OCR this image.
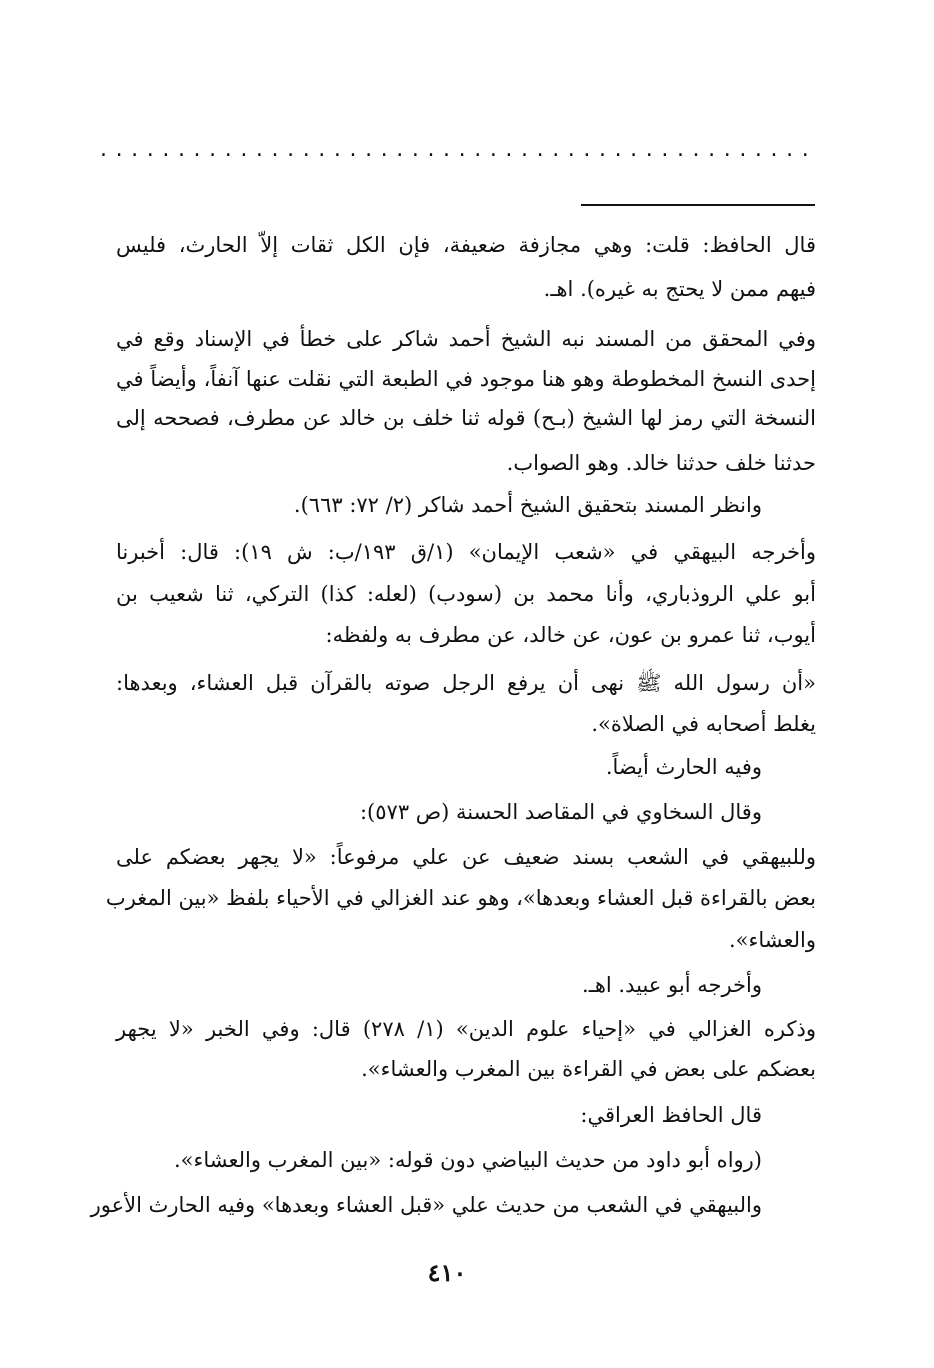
..............................................
قال الحافظ: قلت: وهي مجازفة ضعيفة، فإن الكل ثقات إلاّ الحارث، فليس
فيهم ممن لا يحتج به غيره). اهـ.
وفي المحقق من المسند نبه الشيخ أحمد شاكر على خطأ في الإسناد وقع في
إحدى النسخ المخطوطة وهو هنا موجود في الطبعة التي نقلت عنها آنفاً، وأيضاً في
النسخة التي رمز لها الشيخ (بـح) قوله ثنا خلف بن خالد عن مطرف، فصححه إلى
حدثنا خلف حدثنا خالد. وهو الصواب.
وانظر المسند بتحقيق الشيخ أحمد شاكر (٢/ ٧٢: ٦٦٣).
وأخرجه البيهقي في «شعب الإيمان» (١/ق ١٩٣/ب: ش ١٩): قال: أخبرنا
أبو علي الروذباري، وأنا محمد بن (سودب) (لعله: كذا) التركي، ثنا شعيب بن
أيوب، ثنا عمرو بن عون، عن خالد، عن مطرف به ولفظه:
«أن رسول الله ﷺ نهى أن يرفع الرجل صوته بالقرآن قبل العشاء، وبعدها:
يغلط أصحابه في الصلاة».
وفيه الحارث أيضاً.
وقال السخاوي في المقاصد الحسنة (ص ٥٧٣):
وللبيهقي في الشعب بسند ضعيف عن علي مرفوعاً: «لا يجهر بعضكم على
بعض بالقراءة قبل العشاء وبعدها»، وهو عند الغزالي في الأحياء بلفظ «بين المغرب
والعشاء».
وأخرجه أبو عبيد. اهـ.
وذكره الغزالي في «إحياء علوم الدين» (١/ ٢٧٨) قال: وفي الخبر «لا يجهر
بعضكم على بعض في القراءة بين المغرب والعشاء».
قال الحافظ العراقي:
(رواه أبو داود من حديث البياضي دون قوله: «بين المغرب والعشاء».
والبيهقي في الشعب من حديث علي «قبل العشاء وبعدها» وفيه الحارث الأعور
٤١٠
